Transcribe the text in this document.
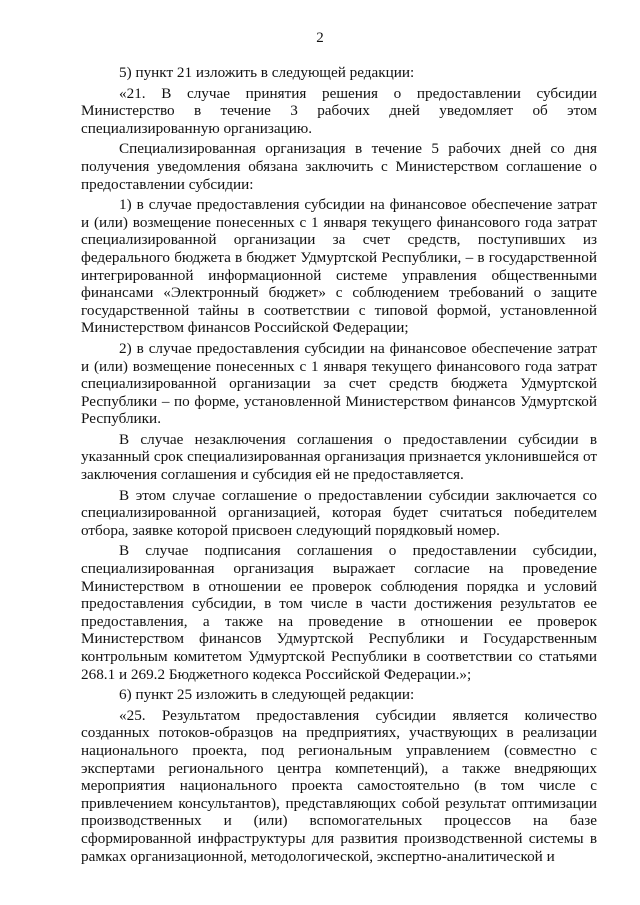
2

5) пункт 21 изложить в следующей редакции:

«21. В случае принятия решения о предоставлении субсидии Министерство в течение 3 рабочих дней уведомляет об этом специализированную организацию.

Специализированная организация в течение 5 рабочих дней со дня получения уведомления обязана заключить с Министерством соглашение о предоставлении субсидии:

1) в случае предоставления субсидии на финансовое обеспечение затрат и (или) возмещение понесенных с 1 января текущего финансового года затрат специализированной организации за счет средств, поступивших из федерального бюджета в бюджет Удмуртской Республики, – в государственной интегрированной информационной системе управления общественными финансами «Электронный бюджет» с соблюдением требований о защите государственной тайны в соответствии с типовой формой, установленной Министерством финансов Российской Федерации;

2) в случае предоставления субсидии на финансовое обеспечение затрат и (или) возмещение понесенных с 1 января текущего финансового года затрат специализированной организации за счет средств бюджета Удмуртской Республики – по форме, установленной Министерством финансов Удмуртской Республики.

В случае незаключения соглашения о предоставлении субсидии в указанный срок специализированная организация признается уклонившейся от заключения соглашения и субсидия ей не предоставляется.

В этом случае соглашение о предоставлении субсидии заключается со специализированной организацией, которая будет считаться победителем отбора, заявке которой присвоен следующий порядковый номер.

В случае подписания соглашения о предоставлении субсидии, специализированная организация выражает согласие на проведение Министерством в отношении ее проверок соблюдения порядка и условий предоставления субсидии, в том числе в части достижения результатов ее предоставления, а также на проведение в отношении ее проверок Министерством финансов Удмуртской Республики и Государственным контрольным комитетом Удмуртской Республики в соответствии со статьями 268.1 и 269.2 Бюджетного кодекса Российской Федерации.»;

6) пункт 25 изложить в следующей редакции:

«25. Результатом предоставления субсидии является количество созданных потоков-образцов на предприятиях, участвующих в реализации национального проекта, под региональным управлением (совместно с экспертами регионального центра компетенций), а также внедряющих мероприятия национального проекта самостоятельно (в том числе с привлечением консультантов), представляющих собой результат оптимизации производственных и (или) вспомогательных процессов на базе сформированной инфраструктуры для развития производственной системы в рамках организационной, методологической, экспертно-аналитической и
